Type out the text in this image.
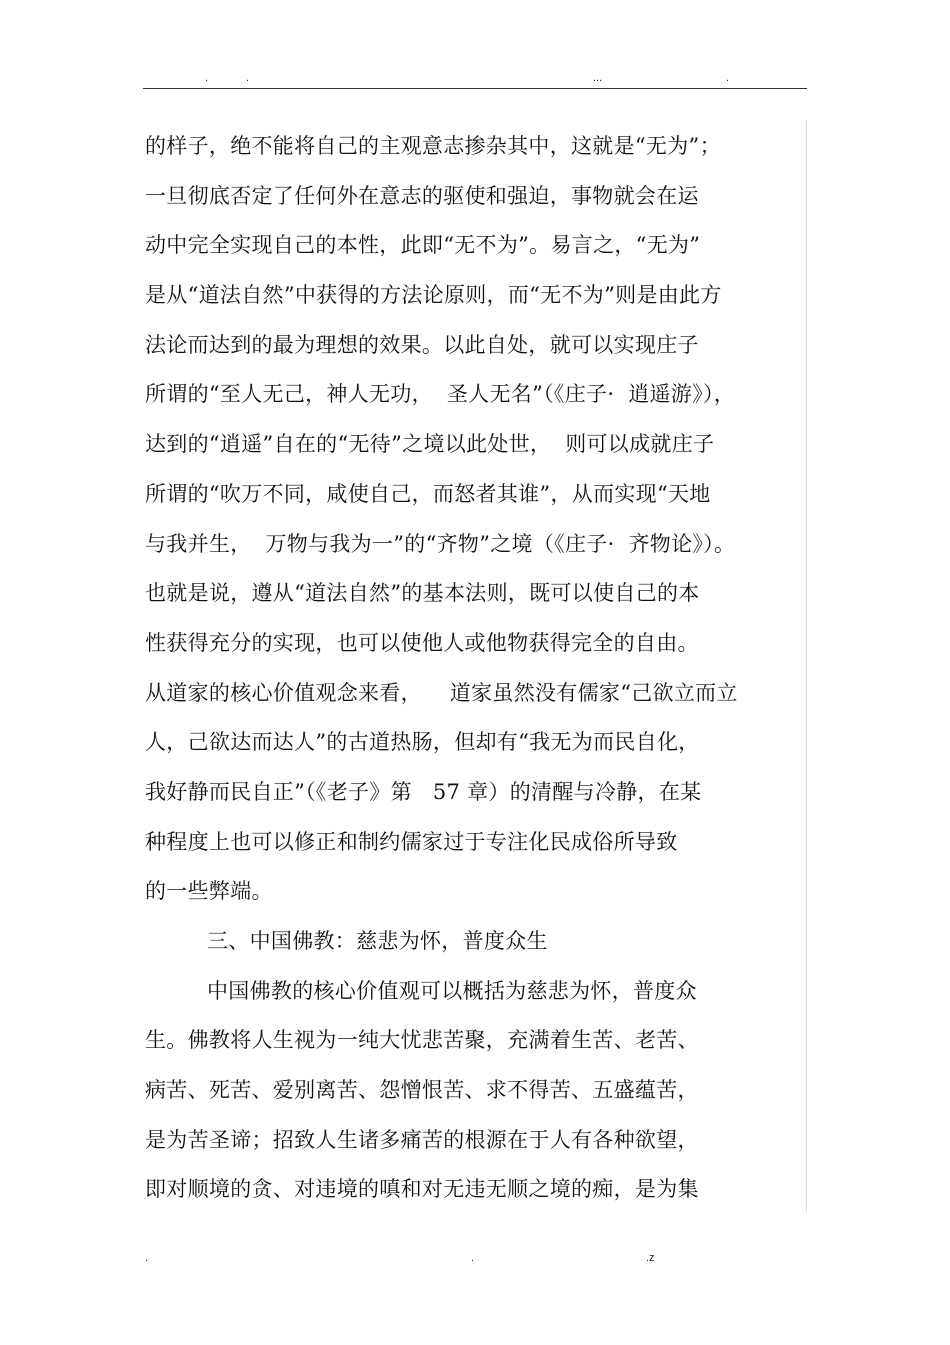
.	.	...	.
的样子，绝不能将自己的主观意志掺杂其中，这就是“无为”；
一旦彻底否定了任何外在意志的驱使和强迫，事物就会在运
动中完全实现自己的本性，此即“无不为”。易言之，“无为”
是从“道法自然”中获得的方法论原则，而“无不为”则是由此方
法论而达到的最为理想的效果。以此自处，就可以实现庄子
所谓的“至人无己，神人无功，  圣人无名”（《庄子·  逍遥游》），
达到的“逍遥”自在的“无待”之境以此处世，  则可以成就庄子
所谓的“吹万不同，咸使自己，而怒者其谁”，从而实现“天地
与我并生，  万物与我为一”的“齐物”之境（《庄子·  齐物论》）。
也就是说，遵从“道法自然”的基本法则，既可以使自己的本
性获得充分的实现，也可以使他人或他物获得完全的自由。
从道家的核心价值观念来看，    道家虽然没有儒家“己欲立而立
人，己欲达而达人”的古道热肠，但却有“我无为而民自化，
我好静而民自正”（《老子》第   57 章）的清醒与冷静，在某
种程度上也可以修正和制约儒家过于专注化民成俗所导致
的一些弊端。
三、中国佛教：慈悲为怀，普度众生
中国佛教的核心价值观可以概括为慈悲为怀，普度众
生。佛教将人生视为一纯大忧悲苦聚，充满着生苦、老苦、
病苦、死苦、爱别离苦、怨憎恨苦、求不得苦、五盛蕴苦，
是为苦圣谛；招致人生诸多痛苦的根源在于人有各种欲望，
即对顺境的贪、对违境的嗔和对无违无顺之境的痴，是为集
.	.	.z
